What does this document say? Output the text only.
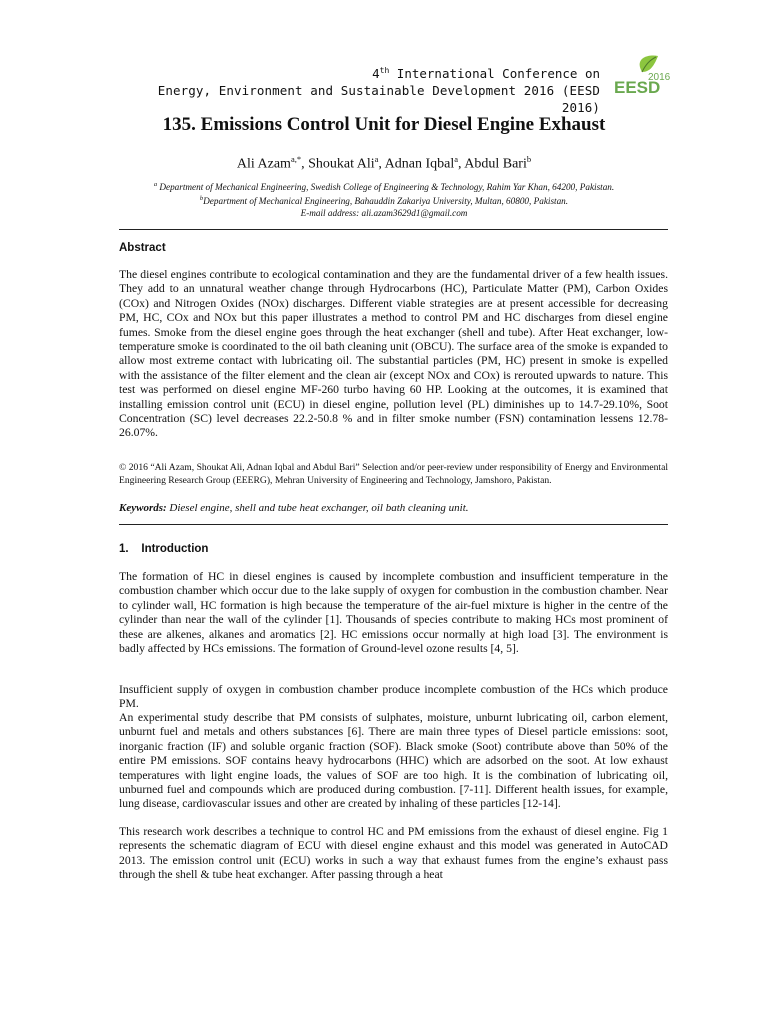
4th International Conference on
Energy, Environment and Sustainable Development 2016 (EESD 2016)
2016
EESD
135. Emissions Control Unit for Diesel Engine Exhaust
Ali Azam$^{a,*}$, Shoukat Ali$^a$, Adnan Iqbal$^a$, Abdul Bari$^b$
$^a$ Department of Mechanical Engineering, Swedish College of Engineering & Technology, Rahim Yar Khan, 64200, Pakistan.
$^b$Department of Mechanical Engineering, Bahauddin Zakariya University, Multan, 60800, Pakistan.
E-mail address: ali.azam3629d1@gmail.com
Abstract

The diesel engines contribute to ecological contamination and they are the fundamental driver of a few health issues. They add to an unnatural weather change through Hydrocarbons (HC), Particulate Matter (PM), Carbon Oxides (COx) and Nitrogen Oxides (NOx) discharges. Different viable strategies are at present accessible for decreasing PM, HC, COx and NOx but this paper illustrates a method to control PM and HC discharges from diesel engine fumes. Smoke from the diesel engine goes through the heat exchanger (shell and tube). After Heat exchanger, low-temperature smoke is coordinated to the oil bath cleaning unit (OBCU). The surface area of the smoke is expanded to allow most extreme contact with lubricating oil. The substantial particles (PM, HC) present in smoke is expelled with the assistance of the filter element and the clean air (except NOx and COx) is rerouted upwards to nature. This test was performed on diesel engine MF-260 turbo having 60 HP. Looking at the outcomes, it is examined that installing emission control unit (ECU) in diesel engine, pollution level (PL) diminishes up to 14.7-29.10%, Soot Concentration (SC) level decreases 22.2-50.8 % and in filter smoke number (FSN) contamination lessens 12.78-26.07%.

© 2016 “Ali Azam, Shoukat Ali, Adnan Iqbal and Abdul Bari” Selection and/or peer-review under responsibility of Energy and Environmental Engineering Research Group (EEERG), Mehran University of Engineering and Technology, Jamshoro, Pakistan.

Keywords: Diesel engine, shell and tube heat exchanger, oil bath cleaning unit.
1.    Introduction

The formation of HC in diesel engines is caused by incomplete combustion and insufficient temperature in the combustion chamber which occur due to the lake supply of oxygen for combustion in the combustion chamber. Near to cylinder wall, HC formation is high because the temperature of the air-fuel mixture is higher in the centre of the cylinder than near the wall of the cylinder [1]. Thousands of species contribute to making HCs most prominent of these are alkenes, alkanes and aromatics [2]. HC emissions occur normally at high load [3]. The environment is badly affected by HCs emissions. The formation of Ground-level ozone results [4, 5].

Insufficient supply of oxygen in combustion chamber produce incomplete combustion of the HCs which produce PM.

An experimental study describe that PM consists of sulphates, moisture, unburnt lubricating oil, carbon element, unburnt fuel and metals and others substances [6]. There are main three types of Diesel particle emissions: soot, inorganic fraction (IF) and soluble organic fraction (SOF). Black smoke (Soot) contribute above than 50% of the entire PM emissions. SOF contains heavy hydrocarbons (HHC) which are adsorbed on the soot. At low exhaust temperatures with light engine loads, the values of SOF are too high. It is the combination of lubricating oil, unburned fuel and compounds which are produced during combustion. [7-11]. Different health issues, for example, lung disease, cardiovascular issues and other are created by inhaling of these particles [12-14].

This research work describes a technique to control HC and PM emissions from the exhaust of diesel engine. Fig 1 represents the schematic diagram of ECU with diesel engine exhaust and this model was generated in AutoCAD 2013. The emission control unit (ECU) works in such a way that exhaust fumes from the engine’s exhaust pass through the shell & tube heat exchanger. After passing through a heat
